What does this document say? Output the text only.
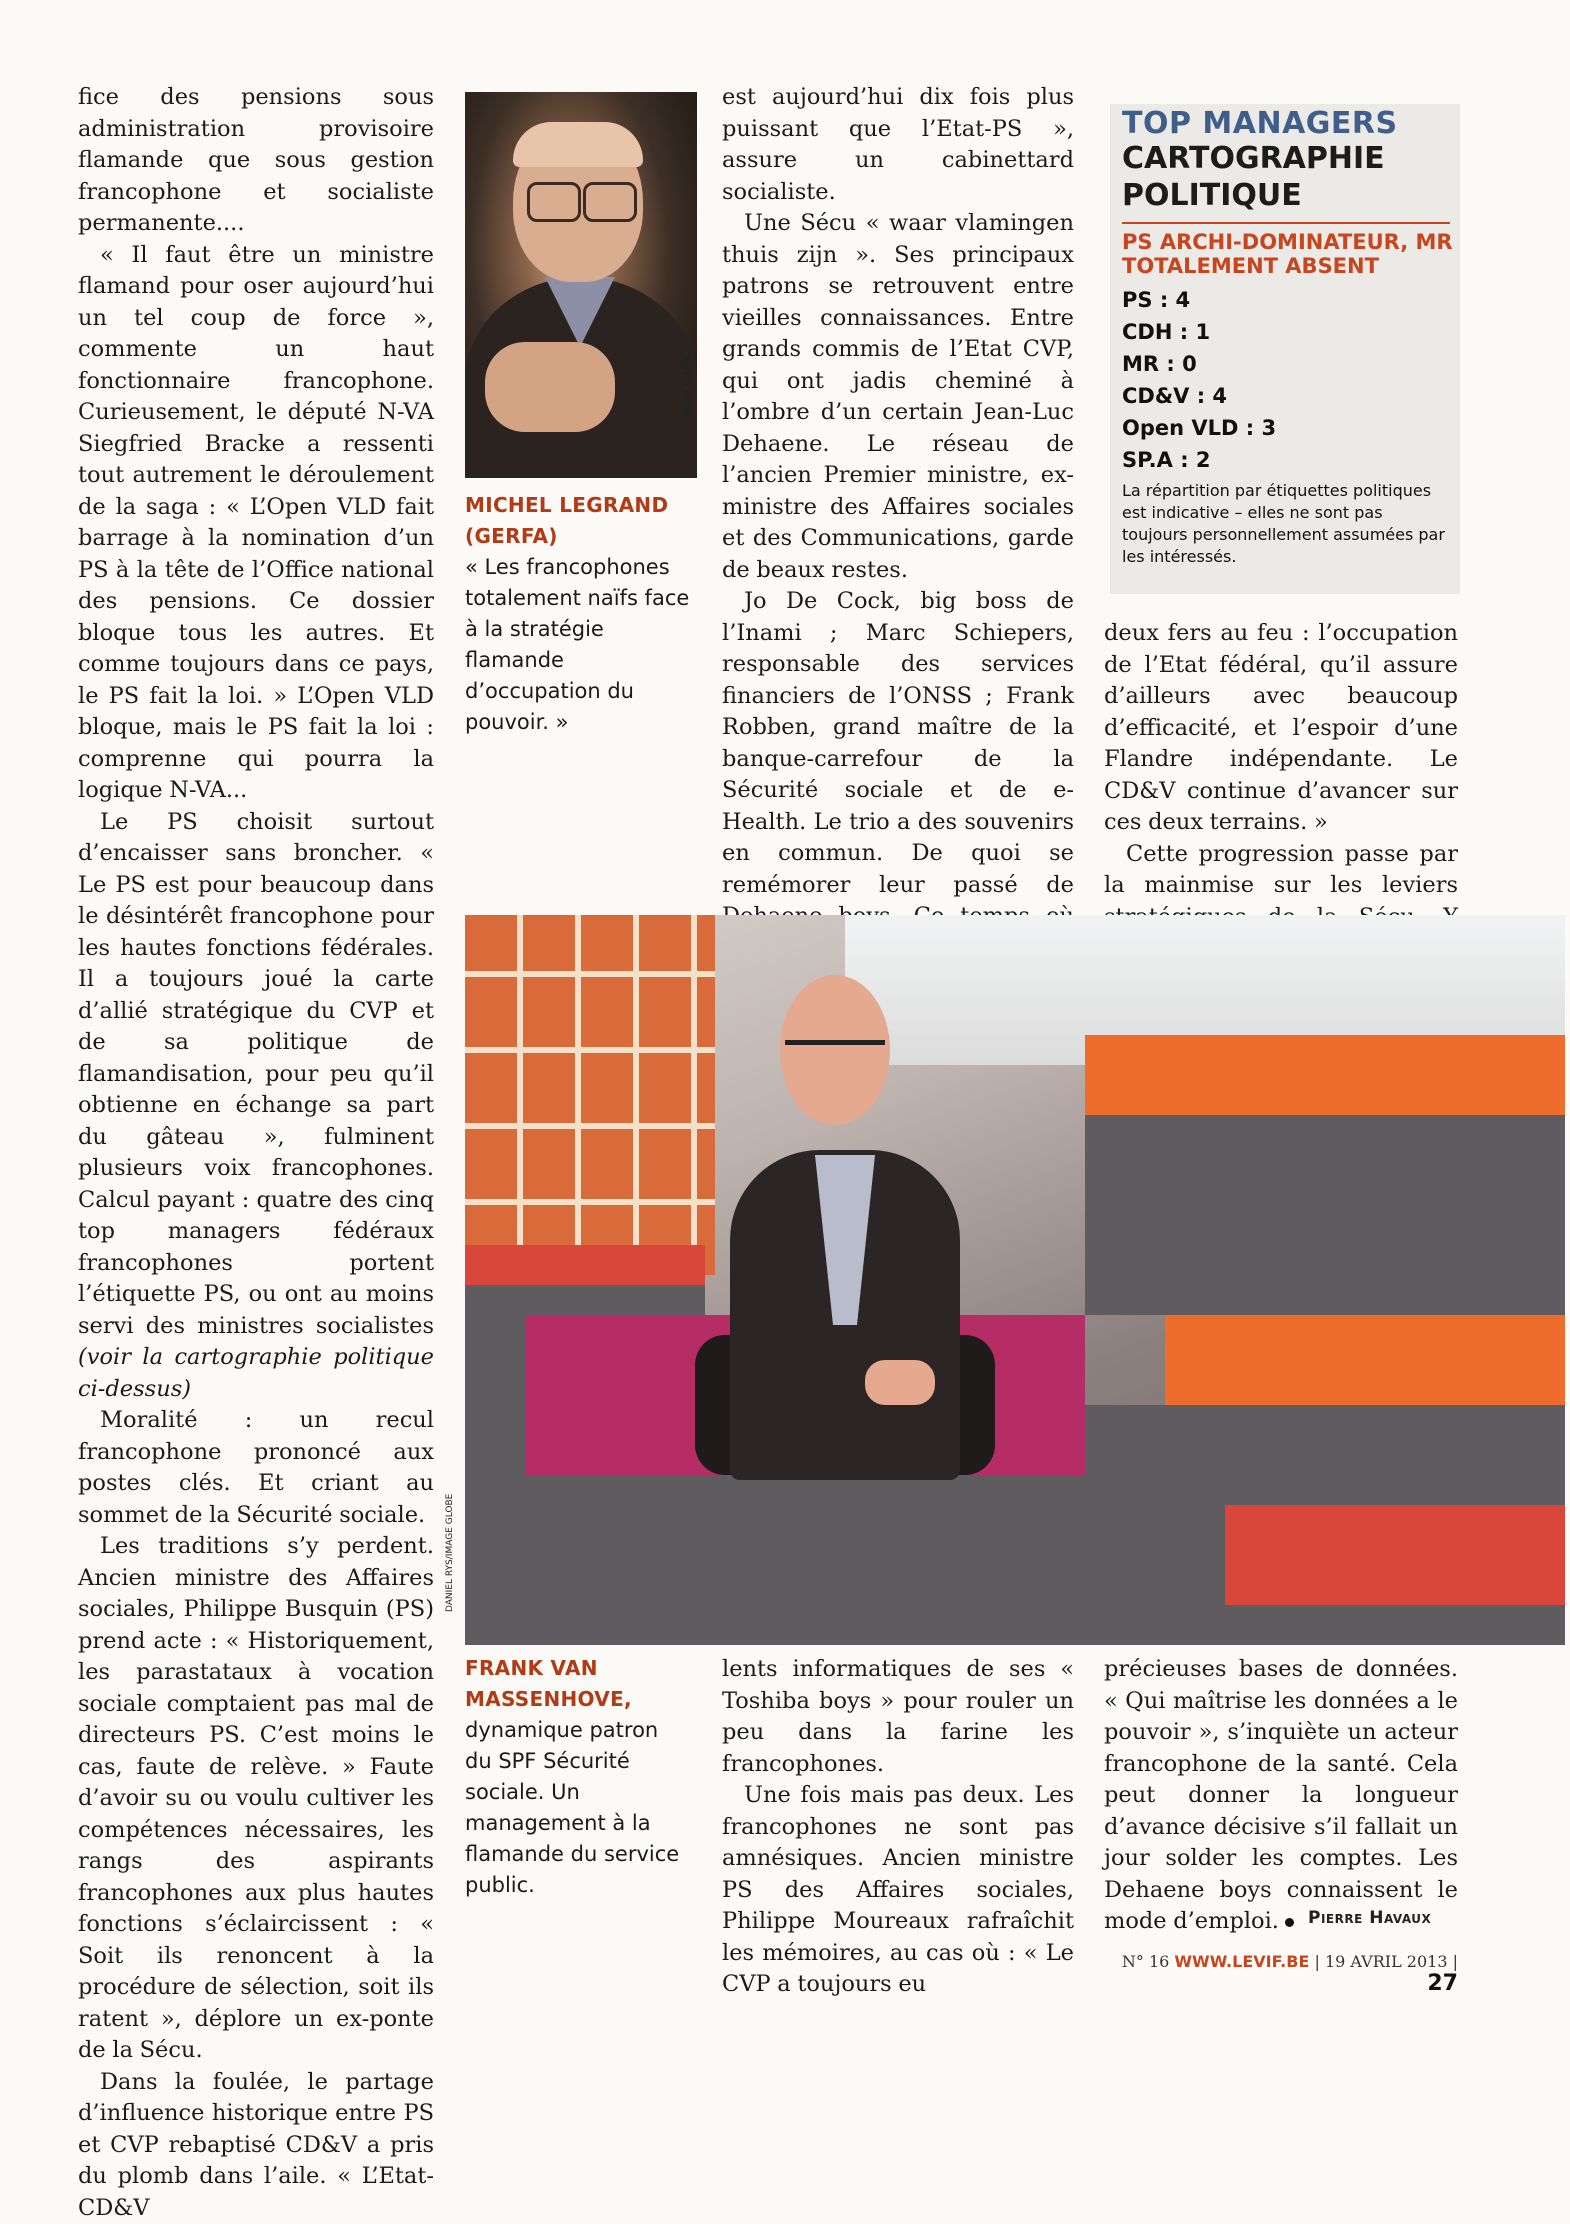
fice des pensions sous administration provisoire flamande que sous gestion francophone et socialiste permanente....

« Il faut être un ministre flamand pour oser aujourd’hui un tel coup de force », commente un haut fonctionnaire francophone. Curieusement, le député N-VA Siegfried Bracke a ressenti tout autrement le déroulement de la saga : « L’Open VLD fait barrage à la nomination d’un PS à la tête de l’Office national des pensions. Ce dossier bloque tous les autres. Et comme toujours dans ce pays, le PS fait la loi. » L’Open VLD bloque, mais le PS fait la loi : comprenne qui pourra la logique N-VA...

Le PS choisit surtout d’encaisser sans broncher. « Le PS est pour beaucoup dans le désintérêt francophone pour les hautes fonctions fédérales. Il a toujours joué la carte d’allié stratégique du CVP et de sa politique de flamandisation, pour peu qu’il obtienne en échange sa part du gâteau », fulminent plusieurs voix francophones. Calcul payant : quatre des cinq top managers fédéraux francophones portent l’étiquette PS, ou ont au moins servi des ministres socialistes (voir la cartographie politique ci-dessus)

Moralité : un recul francophone prononcé aux postes clés. Et criant au sommet de la Sécurité sociale.

Les traditions s’y perdent. Ancien ministre des Affaires sociales, Philippe Busquin (PS) prend acte : « Historiquement, les parastataux à vocation sociale comptaient pas mal de directeurs PS. C’est moins le cas, faute de relève. » Faute d’avoir su ou voulu cultiver les compétences nécessaires, les rangs des aspirants francophones aux plus hautes fonctions s’éclaircissent : « Soit ils renoncent à la procédure de sélection, soit ils ratent », déplore un ex-ponte de la Sécu.

Dans la foulée, le partage d’influence historique entre PS et CVP rebaptisé CD&V a pris du plomb dans l’aile. « L’Etat-CD&V

IMAGE GLOBE
MICHEL LEGRAND (GERFA)
« Les francophones totalement naïfs face à la stratégie flamande d’occupation du pouvoir. »

est aujourd’hui dix fois plus puissant que l’Etat-PS », assure un cabinettard socialiste.

Une Sécu « waar vlamingen thuis zijn ». Ses principaux patrons se retrouvent entre vieilles connaissances. Entre grands commis de l’Etat CVP, qui ont jadis cheminé à l’ombre d’un certain Jean-Luc Dehaene. Le réseau de l’ancien Premier ministre, ex-ministre des Affaires sociales et des Communications, garde de beaux restes.

Jo De Cock, big boss de l’Inami ; Marc Schiepers, responsable des services financiers de l’ONSS ; Frank Robben, grand maître de la banque-carrefour de la Sécurité sociale et de e-Health. Le trio a des souvenirs en commun. De quoi se remémorer leur passé de

TOP MANAGERS
CARTOGRAPHIE POLITIQUE
PS ARCHI-DOMINATEUR, MR TOTALEMENT ABSENT
PS : 4
CDH : 1
MR : 0
CD&V : 4
Open VLD : 3
SP.A : 2
La répartition par étiquettes politiques est indicative – elles ne sont pas toujours personnellement assumées par les intéressés.

deux fers au feu : l’occupation de l’Etat fédéral, qu’il assure d’ailleurs avec beaucoup d’efficacité, et l’espoir d’une Flandre indépendante. Le CD&V continue d’avancer sur ces deux terrains. »

Cette progression passe par la mainmise sur les leviers

DANIEL RYS/IMAGE GLOBE
FRANK VAN MASSENHOVE,
dynamique patron du SPF Sécurité sociale. Un management à la flamande du service public.

lents informatiques de ses « Toshiba boys » pour rouler un peu dans la farine les francophones.

Une fois mais pas deux. Les francophones ne sont pas amnésiques. Ancien ministre PS des Affaires sociales, Philippe Moureaux rafraîchit les mémoires, au cas où : « Le CVP a toujours eu

précieuses bases de données. « Qui maîtrise les données a le pouvoir », s’inquiète un acteur francophone de la santé. Cela peut donner la longueur d’avance décisive s’il fallait un jour solder les comptes. Les Dehaene boys connaissent le mode d’emploi.	Pierre Havaux
N° 16 WWW.LEVIF.BE | 19 AVRIL 2013 | 27
